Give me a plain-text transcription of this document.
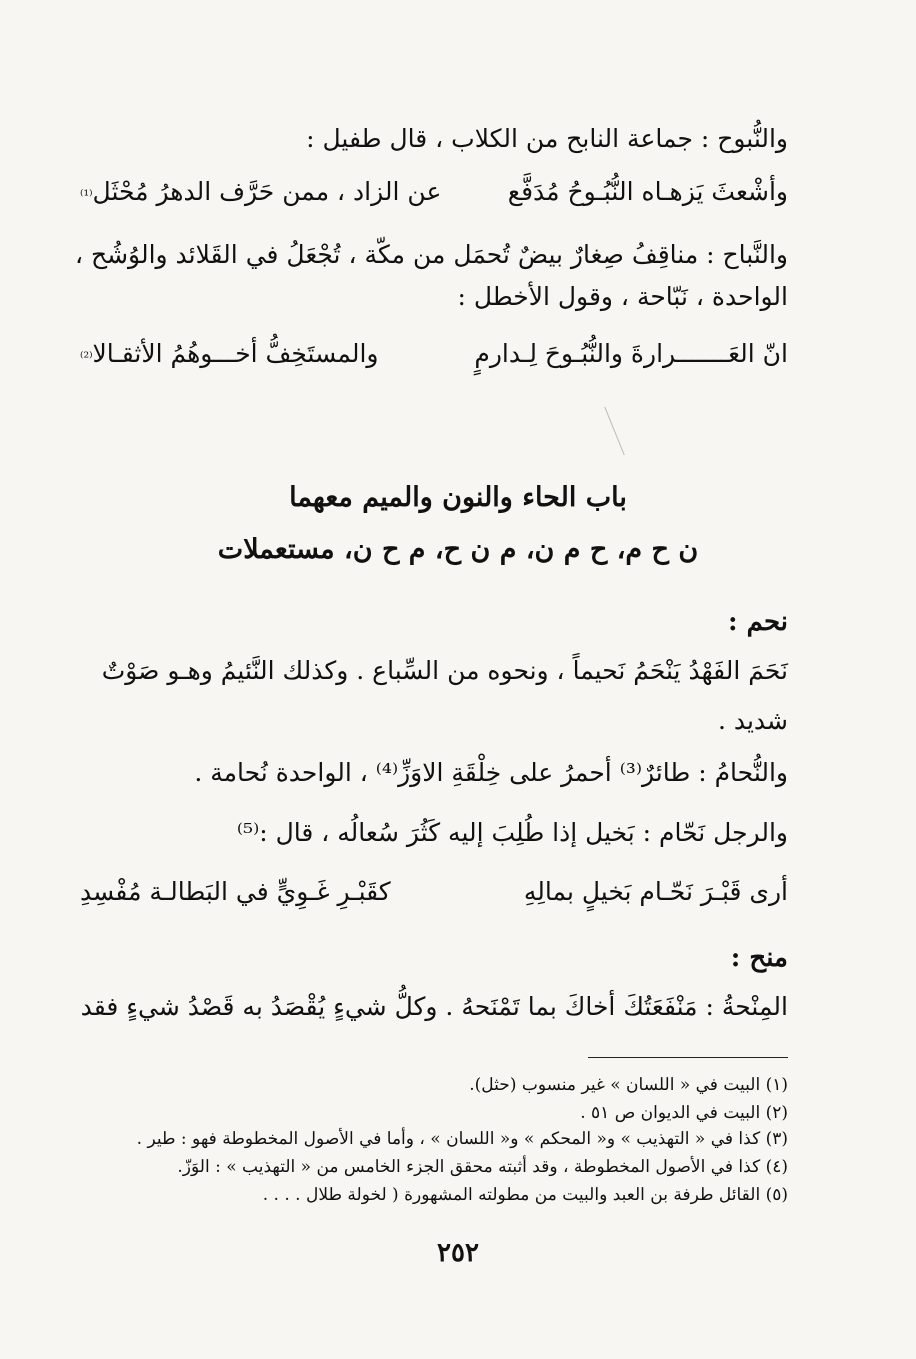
والنُّبوح : جماعة النابح من الكلاب ، قال طفيل :
وأشْعثَ يَزهـاه النُّبُـوحُ مُدَفَّع
عن الزاد ، ممن حَرَّف الدهرُ مُحْثَل⁽¹⁾
والنَّباح : مناقِفُ صِغارٌ بيضٌ تُحمَل من مكّة ، تُجْعَلُ في القَلائد والوُشُح ،
الواحدة ، نَبّاحة ، وقول الأخطل :
انّ العَـــــــرارةَ والنُّبُـوحَ لِـدارمٍ
والمستَخِفُّ أخـــوهُمُ الأثقـالا⁽²⁾
باب الحاء والنون والميم معهما
ن ح م، ح م ن، م ن ح، م ح ن، مستعملات
نحم :
نَحَمَ الفَهْدُ يَنْحَمُ نَحيماً ، ونحوه من السِّباع . وكذلك النَّئيمُ وهـو صَوْتٌ
شديد .
والنُّحامُ : طائرٌ⁽³⁾ أحمرُ على خِلْقَةِ الاوَزِّ⁽⁴⁾ ، الواحدة نُحامة .
والرجل نَحّام : بَخيل إذا طُلِبَ إليه كَثُرَ سُعالُه ، قال :⁽⁵⁾
أرى قَبْـرَ نَحّـام بَخيلٍ بمالِهِ
كقَبْـرِ غَـوِيٍّ في البَطالـة مُفْسِدِ
منح :
المِنْحةُ : مَنْفَعَتُكَ أخاكَ بما تَمْنَحهُ . وكلُّ شيءٍ يُقْصَدُ به قَصْدُ شيءٍ فقد
(١) البيت في « اللسان » غير منسوب (حثل).
(٢) البيت في الديوان ص ٥١ .
(٣) كذا في « التهذيب » و« المحكم » و« اللسان » ، وأما في الأصول المخطوطة فهو : طير .
(٤) كذا في الأصول المخطوطة ، وقد أثبته محقق الجزء الخامس من « التهذيب » : الوَزّ.
(٥) القائل طرفة بن العبد والبيت من مطولته المشهورة ( لخولة طلال . . . .
٢٥٢
